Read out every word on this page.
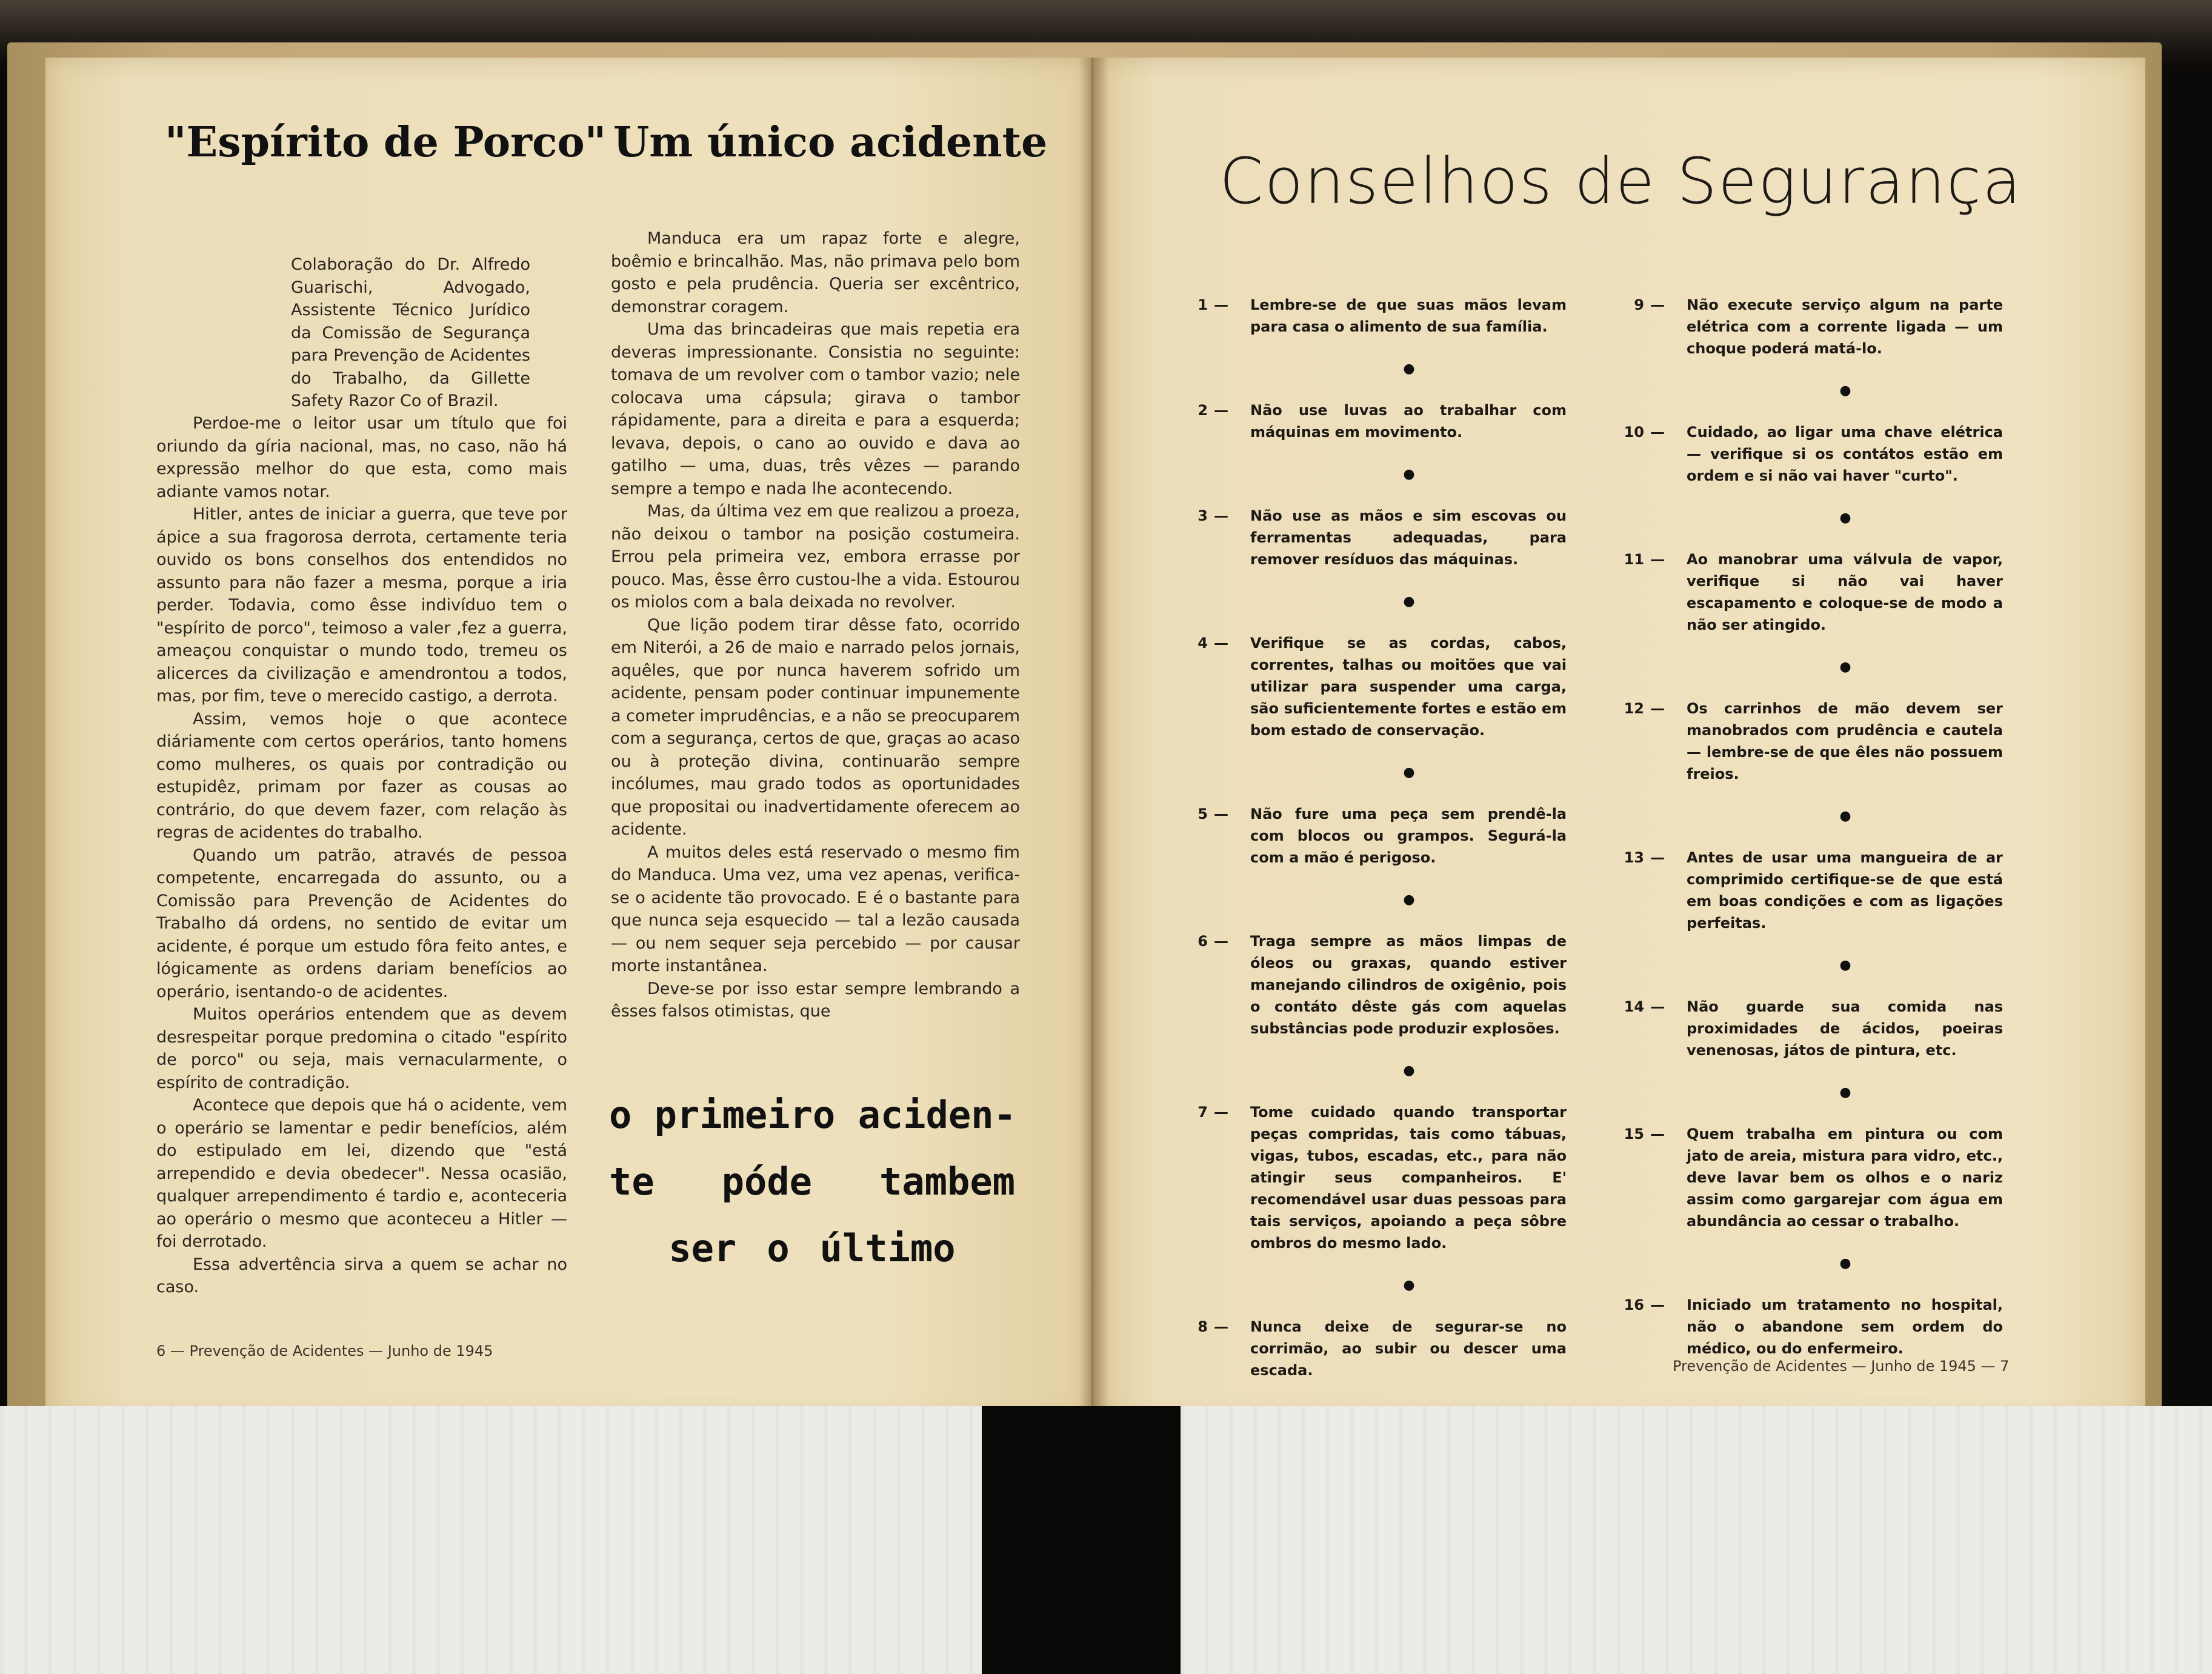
"Espírito de Porco" Um único acidente

Colaboração do Dr. Alfredo Guarischi, Advogado, Assistente Técnico Jurídico da Comissão de Segurança para Prevenção de Acidentes do Trabalho, da Gillette Safety Razor Co of Brazil.

Perdoe-me o leitor usar um título que foi oriundo da gíria nacional, mas, no caso, não há expressão melhor do que esta, como mais adiante vamos notar.

Hitler, antes de iniciar a guerra, que teve por ápice a sua fragorosa derrota, certamente teria ouvido os bons conselhos dos entendidos no assunto para não fazer a mesma, porque a iria perder. Todavia, como êsse indivíduo tem o "espírito de porco", teimoso a valer ,fez a guerra, ameaçou conquistar o mundo todo, tremeu os alicerces da civilização e amendrontou a todos, mas, por fim, teve o merecido castigo, a derrota.

Assim, vemos hoje o que acontece diáriamente com certos operários, tanto homens como mulheres, os quais por contradição ou estupidêz, primam por fazer as cousas ao contrário, do que devem fazer, com relação às regras de acidentes do trabalho.

Quando um patrão, através de pessoa competente, encarregada do assunto, ou a Comissão para Prevenção de Acidentes do Trabalho dá ordens, no sentido de evitar um acidente, é porque um estudo fôra feito antes, e lógicamente as ordens dariam benefícios ao operário, isentando-o de acidentes.

Muitos operários entendem que as devem desrespeitar porque predomina o citado "espírito de porco" ou seja, mais vernacularmente, o espírito de contradição.

Acontece que depois que há o acidente, vem o operário se lamentar e pedir benefícios, além do estipulado em lei, dizendo que "está arrependido e devia obedecer". Nessa ocasião, qualquer arrependimento é tardio e, aconteceria ao operário o mesmo que aconteceu a Hitler — foi derrotado.

Essa advertência sirva a quem se achar no caso.

Manduca era um rapaz forte e alegre, boêmio e brincalhão. Mas, não primava pelo bom gosto e pela prudência. Queria ser excêntrico, demonstrar coragem.

Uma das brincadeiras que mais repetia era deveras impressionante. Consistia no seguinte: tomava de um revolver com o tambor vazio; nele colocava uma cápsula; girava o tambor rápidamente, para a direita e para a esquerda; levava, depois, o cano ao ouvido e dava ao gatilho — uma, duas, três vêzes — parando sempre a tempo e nada lhe acontecendo.

Mas, da última vez em que realizou a proeza, não deixou o tambor na posição costumeira. Errou pela primeira vez, embora errasse por pouco. Mas, êsse êrro custou-lhe a vida. Estourou os miolos com a bala deixada no revolver.

Que lição podem tirar dêsse fato, ocorrido em Niterói, a 26 de maio e narrado pelos jornais, aquêles, que por nunca haverem sofrido um acidente, pensam poder continuar impunemente a cometer imprudências, e a não se preocuparem com a segurança, certos de que, graças ao acaso ou à proteção divina, continuarão sempre incólumes, mau grado todos as oportunidades que propositai ou inadvertidamente oferecem ao acidente.

A muitos deles está reservado o mesmo fim do Manduca. Uma vez, uma vez apenas, verifica-se o acidente tão provocado. E é o bastante para que nunca seja esquecido — tal a lezão causada — ou nem sequer seja percebido — por causar morte instantânea.

Deve-se por isso estar sempre lembrando a êsses falsos otimistas, que

o primeiro aciden-
te póde tambem
ser o último
6 — Prevenção de Acidentes — Junho de 1945
Conselhos de Segurança
1 —	Lembre-se de que suas mãos levam para casa o alimento de sua família.
●
2 —	Não use luvas ao trabalhar com máquinas em movimento.
●
3 —	Não use as mãos e sim escovas ou ferramentas adequadas, para remover resíduos das máquinas.
●
4 —	Verifique se as cordas, cabos, correntes, talhas ou moitões que vai utilizar para suspender uma carga, são suficientemente fortes e estão em bom estado de conservação.
●
5 —	Não fure uma peça sem prendê-la com blocos ou grampos. Segurá-la com a mão é perigoso.
●
6 —	Traga sempre as mãos limpas de óleos ou graxas, quando estiver manejando cilindros de oxigênio, pois o contáto dêste gás com aquelas substâncias pode produzir explosões.
●
7 —	Tome cuidado quando transportar peças compridas, tais como tábuas, vigas, tubos, escadas, etc., para não atingir seus companheiros. E' recomendável usar duas pessoas para tais serviços, apoiando a peça sôbre ombros do mesmo lado.
●
8 —	Nunca deixe de segurar-se no corrimão, ao subir ou descer uma escada.
9 —	Não execute serviço algum na parte elétrica com a corrente ligada — um choque poderá matá-lo.
●
10 —	Cuidado, ao ligar uma chave elétrica — verifique si os contátos estão em ordem e si não vai haver "curto".
●
11 —	Ao manobrar uma válvula de vapor, verifique si não vai haver escapamento e coloque-se de modo a não ser atingido.
●
12 —	Os carrinhos de mão devem ser manobrados com prudência e cautela — lembre-se de que êles não possuem freios.
●
13 —	Antes de usar uma mangueira de ar comprimido certifique-se de que está em boas condições e com as ligações perfeitas.
●
14 —	Não guarde sua comida nas proximidades de ácidos, poeiras venenosas, játos de pintura, etc.
●
15 —	Quem trabalha em pintura ou com jato de areia, mistura para vidro, etc., deve lavar bem os olhos e o nariz assim como gargarejar com água em abundância ao cessar o trabalho.
●
16 —	Iniciado um tratamento no hospital, não o abandone sem ordem do médico, ou do enfermeiro.
Prevenção de Acidentes — Junho de 1945 — 7
